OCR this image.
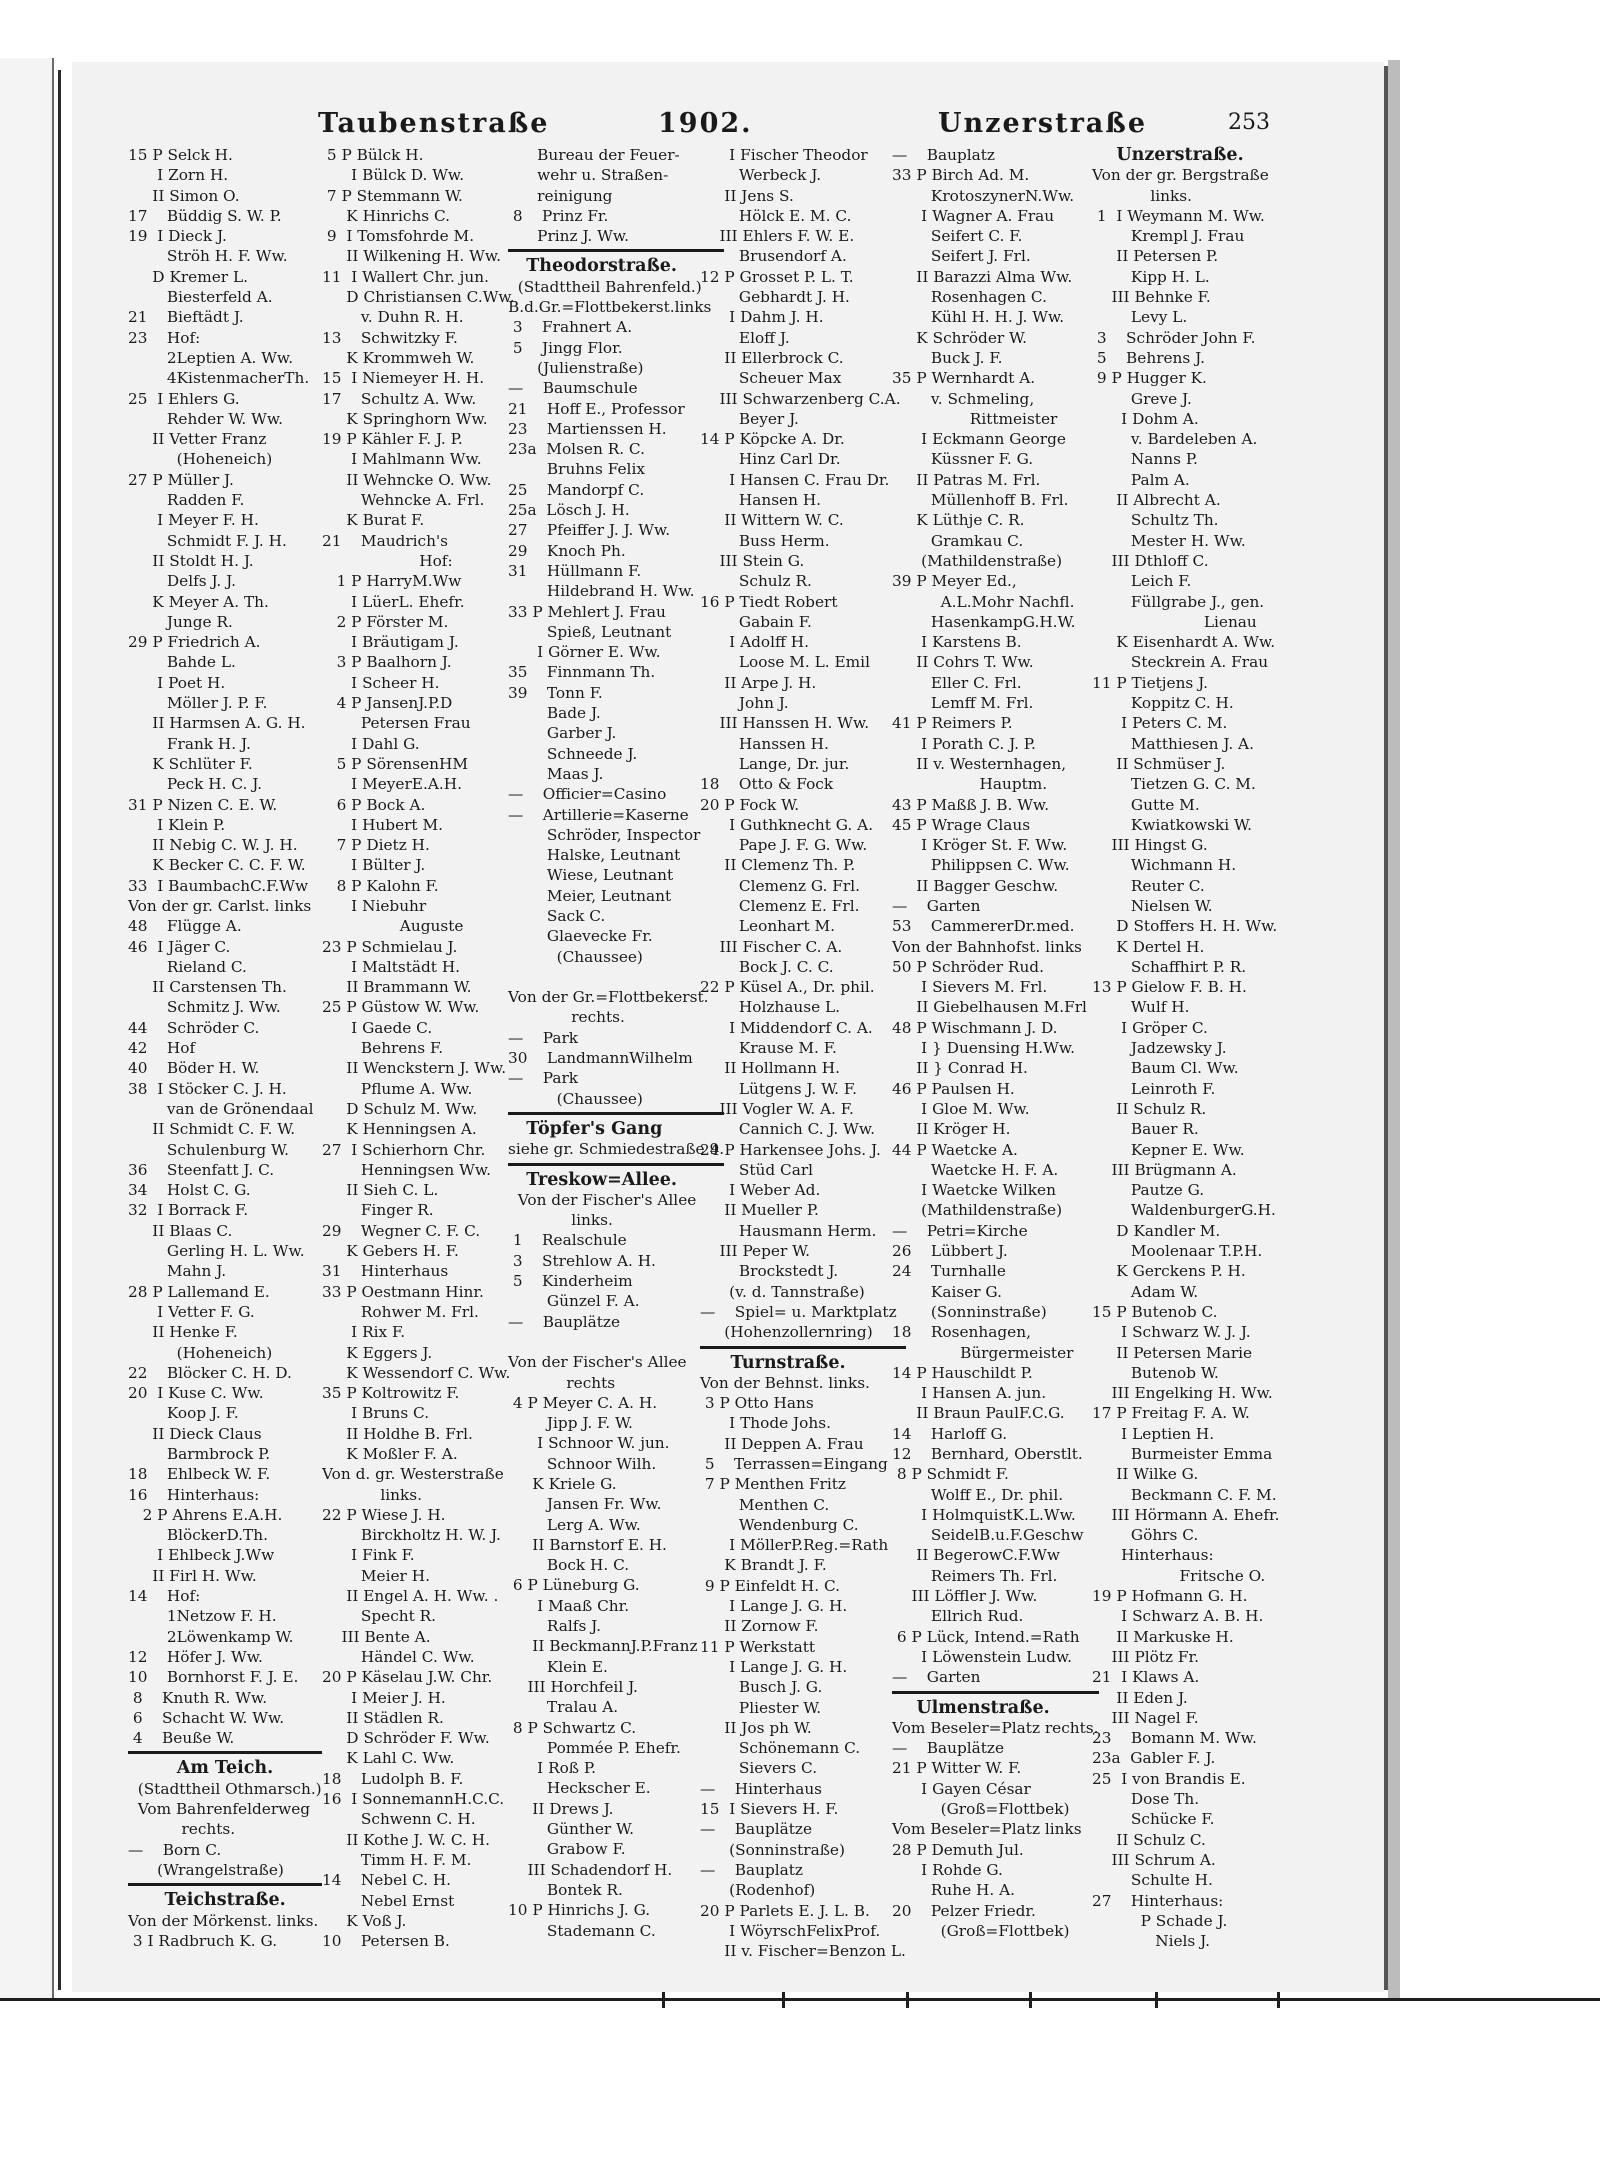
Taubenstraße	1902.	Unzerstraße	253
15 P Selck H.
I Zorn H.
II Simon O.
17    Büddig S. W. P.
19  I Dieck J.
Ströh H. F. Ww.
D Kremer L.
Biesterfeld A.
21    Bieftädt J.
23    Hof:
2Leptien A. Ww.
4KistenmacherTh.
25  I Ehlers G.
Rehder W. Ww.
II Vetter Franz
(Hoheneich)
27 P Müller J.
Radden F.
I Meyer F. H.
Schmidt F. J. H.
II Stoldt H. J.
Delfs J. J.
K Meyer A. Th.
Junge R.
29 P Friedrich A.
Bahde L.
I Poet H.
Möller J. P. F.
II Harmsen A. G. H.
Frank H. J.
K Schlüter F.
Peck H. C. J.
31 P Nizen C. E. W.
I Klein P.
II Nebig C. W. J. H.
K Becker C. C. F. W.
33  I BaumbachC.F.Ww
Von der gr. Carlst. links
48    Flügge A.
46  I Jäger C.
Rieland C.
II Carstensen Th.
Schmitz J. Ww.
44    Schröder C.
42    Hof
40    Böder H. W.
38  I Stöcker C. J. H.
van de Grönendaal
II Schmidt C. F. W.
Schulenburg W.
36    Steenfatt J. C.
34    Holst C. G.
32  I Borrack F.
II Blaas C.
Gerling H. L. Ww.
Mahn J.
28 P Lallemand E.
I Vetter F. G.
II Henke F.
(Hoheneich)
22    Blöcker C. H. D.
20  I Kuse C. Ww.
Koop J. F.
II Dieck Claus
Barmbrock P.
18    Ehlbeck W. F.
16    Hinterhaus:
2 P Ahrens E.A.H.
BlöckerD.Th.
I Ehlbeck J.Ww
II Firl H. Ww.
14    Hof:
1Netzow F. H.
2Löwenkamp W.
12    Höfer J. Ww.
10    Bornhorst F. J. E.
8    Knuth R. Ww.
6    Schacht W. Ww.
4    Beuße W.
Am Teich.
(Stadttheil Othmarsch.)
Vom Bahrenfelderweg
rechts.
—    Born C.
(Wrangelstraße)
Teichstraße.
Von der Mörkenst. links.
3 I Radbruch K. G.
5 P Bülck H.
I Bülck D. Ww.
7 P Stemmann W.
K Hinrichs C.
9  I Tomsfohrde M.
II Wilkening H. Ww.
11  I Wallert Chr. jun.
D Christiansen C.Ww.
v. Duhn R. H.
13    Schwitzky F.
K Krommweh W.
15  I Niemeyer H. H.
17    Schultz A. Ww.
K Springhorn Ww.
19 P Kähler F. J. P.
I Mahlmann Ww.
II Wehncke O. Ww.
Wehncke A. Frl.
K Burat F.
21    Maudrich's
Hof:
1 P HarryM.Ww
I LüerL. Ehefr.
2 P Förster M.
I Bräutigam J.
3 P Baalhorn J.
I Scheer H.
4 P JansenJ.P.D
Petersen Frau
I Dahl G.
5 P SörensenHM
I MeyerE.A.H.
6 P Bock A.
I Hubert M.
7 P Dietz H.
I Bülter J.
8 P Kalohn F.
I Niebuhr
Auguste
23 P Schmielau J.
I Maltstädt H.
II Brammann W.
25 P Güstow W. Ww.
I Gaede C.
Behrens F.
II Wenckstern J. Ww.
Pflume A. Ww.
D Schulz M. Ww.
K Henningsen A.
27  I Schierhorn Chr.
Henningsen Ww.
II Sieh C. L.
Finger R.
29    Wegner C. F. C.
K Gebers H. F.
31    Hinterhaus
33 P Oestmann Hinr.
Rohwer M. Frl.
I Rix F.
K Eggers J.
K Wessendorf C. Ww.
35 P Koltrowitz F.
I Bruns C.
II Holdhe B. Frl.
K Moßler F. A.
Von d. gr. Westerstraße
links.
22 P Wiese J. H.
Birckholtz H. W. J.
I Fink F.
Meier H.
II Engel A. H. Ww. .
Specht R.
III Bente A.
Händel C. Ww.
20 P Käselau J.W. Chr.
I Meier J. H.
II Städlen R.
D Schröder F. Ww.
K Lahl C. Ww.
18    Ludolph B. F.
16  I SonnemannH.C.C.
Schwenn C. H.
II Kothe J. W. C. H.
Timm H. F. M.
14    Nebel C. H.
Nebel Ernst
K Voß J.
10    Petersen B.
Bureau der Feuer-
wehr u. Straßen-
reinigung
8    Prinz Fr.
Prinz J. Ww.
Theodorstraße.
(Stadttheil Bahrenfeld.)
B.d.Gr.=Flottbekerst.links
3    Frahnert A.
5    Jingg Flor.
(Julienstraße)
—    Baumschule
21    Hoff E., Professor
23    Martienssen H.
23a  Molsen R. C.
Bruhns Felix
25    Mandorpf C.
25a  Lösch J. H.
27    Pfeiffer J. J. Ww.
29    Knoch Ph.
31    Hüllmann F.
Hildebrand H. Ww.
33 P Mehlert J. Frau
Spieß, Leutnant
I Görner E. Ww.
35    Finnmann Th.
39    Tonn F.
Bade J.
Garber J.
Schneede J.
Maas J.
—    Officier=Casino
—    Artillerie=Kaserne
Schröder, Inspector
Halske, Leutnant
Wiese, Leutnant
Meier, Leutnant
Sack C.
Glaevecke Fr.
(Chaussee)
Von der Gr.=Flottbekerst.
rechts.
—    Park
30    LandmannWilhelm
—    Park
(Chaussee)
Töpfer's Gang
siehe gr. Schmiedestraße 9.
Treskow=Allee.
Von der Fischer's Allee
links.
1    Realschule
3    Strehlow A. H.
5    Kinderheim
Günzel F. A.
—    Bauplätze
Von der Fischer's Allee
rechts
4 P Meyer C. A. H.
Jipp J. F. W.
I Schnoor W. jun.
Schnoor Wilh.
K Kriele G.
Jansen Fr. Ww.
Lerg A. Ww.
II Barnstorf E. H.
Bock H. C.
6 P Lüneburg G.
I Maaß Chr.
Ralfs J.
II BeckmannJ.P.Franz
Klein E.
III Horchfeil J.
Tralau A.
8 P Schwartz C.
Pommée P. Ehefr.
I Roß P.
Heckscher E.
II Drews J.
Günther W.
Grabow F.
III Schadendorf H.
Bontek R.
10 P Hinrichs J. G.
Stademann C.
I Fischer Theodor
Werbeck J.
II Jens S.
Hölck E. M. C.
III Ehlers F. W. E.
Brusendorf A.
12 P Grosset P. L. T.
Gebhardt J. H.
I Dahm J. H.
Eloff J.
II Ellerbrock C.
Scheuer Max
III Schwarzenberg C.A.
Beyer J.
14 P Köpcke A. Dr.
Hinz Carl Dr.
I Hansen C. Frau Dr.
Hansen H.
II Wittern W. C.
Buss Herm.
III Stein G.
Schulz R.
16 P Tiedt Robert
Gabain F.
I Adolff H.
Loose M. L. Emil
II Arpe J. H.
John J.
III Hanssen H. Ww.
Hanssen H.
Lange, Dr. jur.
18    Otto & Fock
20 P Fock W.
I Guthknecht G. A.
Pape J. F. G. Ww.
II Clemenz Th. P.
Clemenz G. Frl.
Clemenz E. Frl.
Leonhart M.
III Fischer C. A.
Bock J. C. C.
22 P Küsel A., Dr. phil.
Holzhause L.
I Middendorf C. A.
Krause M. F.
II Hollmann H.
Lütgens J. W. F.
III Vogler W. A. F.
Cannich C. J. Ww.
24 P Harkensee Johs. J.
Stüd Carl
I Weber Ad.
II Mueller P.
Hausmann Herm.
III Peper W.
Brockstedt J.
(v. d. Tannstraße)
—    Spiel= u. Marktplatz
(Hohenzollernring)
Turnstraße.
Von der Behnst. links.
3 P Otto Hans
I Thode Johs.
II Deppen A. Frau
5    Terrassen=Eingang
7 P Menthen Fritz
Menthen C.
Wendenburg C.
I MöllerP.Reg.=Rath
K Brandt J. F.
9 P Einfeldt H. C.
I Lange J. G. H.
II Zornow F.
11 P Werkstatt
I Lange J. G. H.
Busch J. G.
Pliester W.
II Jos ph W.
Schönemann C.
Sievers C.
—    Hinterhaus
15  I Sievers H. F.
—    Bauplätze
(Sonninstraße)
—    Bauplatz
(Rodenhof)
20 P Parlets E. J. L. B.
I WöyrschFelixProf.
II v. Fischer=Benzon L.
—    Bauplatz
33 P Birch Ad. M.
KrotoszynerN.Ww.
I Wagner A. Frau
Seifert C. F.
Seifert J. Frl.
II Barazzi Alma Ww.
Rosenhagen C.
Kühl H. H. J. Ww.
K Schröder W.
Buck J. F.
35 P Wernhardt A.
v. Schmeling,
Rittmeister
I Eckmann George
Küssner F. G.
II Patras M. Frl.
Müllenhoff B. Frl.
K Lüthje C. R.
Gramkau C.
(Mathildenstraße)
39 P Meyer Ed.,
A.L.Mohr Nachfl.
HasenkampG.H.W.
I Karstens B.
II Cohrs T. Ww.
Eller C. Frl.
Lemff M. Frl.
41 P Reimers P.
I Porath C. J. P.
II v. Westernhagen,
Hauptm.
43 P Maßß J. B. Ww.
45 P Wrage Claus
I Kröger St. F. Ww.
Philippsen C. Ww.
II Bagger Geschw.
—    Garten
53    CammererDr.med.
Von der Bahnhofst. links
50 P Schröder Rud.
I Sievers M. Frl.
II Giebelhausen M.Frl
48 P Wischmann J. D.
I } Duensing H.Ww.
II } Conrad H.
46 P Paulsen H.
I Gloe M. Ww.
II Kröger H.
44 P Waetcke A.
Waetcke H. F. A.
I Waetcke Wilken
(Mathildenstraße)
—    Petri=Kirche
26    Lübbert J.
24    Turnhalle
Kaiser G.
(Sonninstraße)
18    Rosenhagen,
Bürgermeister
14 P Hauschildt P.
I Hansen A. jun.
II Braun PaulF.C.G.
14    Harloff G.
12    Bernhard, Oberstlt.
8 P Schmidt F.
Wolff E., Dr. phil.
I HolmquistK.L.Ww.
SeidelB.u.F.Geschw
II BegerowC.F.Ww
Reimers Th. Frl.
III Löffler J. Ww.
Ellrich Rud.
6 P Lück, Intend.=Rath
I Löwenstein Ludw.
—    Garten
Ulmenstraße.
Vom Beseler=Platz rechts.
—    Bauplätze
21 P Witter W. F.
I Gayen César
(Groß=Flottbek)
Vom Beseler=Platz links
28 P Demuth Jul.
I Rohde G.
Ruhe H. A.
20    Pelzer Friedr.
(Groß=Flottbek)
Unzerstraße.
Von der gr. Bergstraße
links.
1  I Weymann M. Ww.
Krempl J. Frau
II Petersen P.
Kipp H. L.
III Behnke F.
Levy L.
3    Schröder John F.
5    Behrens J.
9 P Hugger K.
Greve J.
I Dohm A.
v. Bardeleben A.
Nanns P.
Palm A.
II Albrecht A.
Schultz Th.
Mester H. Ww.
III Dthloff C.
Leich F.
Füllgrabe J., gen.
Lienau
K Eisenhardt A. Ww.
Steckrein A. Frau
11 P Tietjens J.
Koppitz C. H.
I Peters C. M.
Matthiesen J. A.
II Schmüser J.
Tietzen G. C. M.
Gutte M.
Kwiatkowski W.
III Hingst G.
Wichmann H.
Reuter C.
Nielsen W.
D Stoffers H. H. Ww.
K Dertel H.
Schaffhirt P. R.
13 P Gielow F. B. H.
Wulf H.
I Gröper C.
Jadzewsky J.
Baum Cl. Ww.
Leinroth F.
II Schulz R.
Bauer R.
Kepner E. Ww.
III Brügmann A.
Pautze G.
WaldenburgerG.H.
D Kandler M.
Moolenaar T.P.H.
K Gerckens P. H.
Adam W.
15 P Butenob C.
I Schwarz W. J. J.
II Petersen Marie
Butenob W.
III Engelking H. Ww.
17 P Freitag F. A. W.
I Leptien H.
Burmeister Emma
II Wilke G.
Beckmann C. F. M.
III Hörmann A. Ehefr.
Göhrs C.
Hinterhaus:
Fritsche O.
19 P Hofmann G. H.
I Schwarz A. B. H.
II Markuske H.
III Plötz Fr.
21  I Klaws A.
II Eden J.
III Nagel F.
23    Bomann M. Ww.
23a  Gabler F. J.
25  I von Brandis E.
Dose Th.
Schücke F.
II Schulz C.
III Schrum A.
Schulte H.
27    Hinterhaus:
P Schade J.
Niels J.
